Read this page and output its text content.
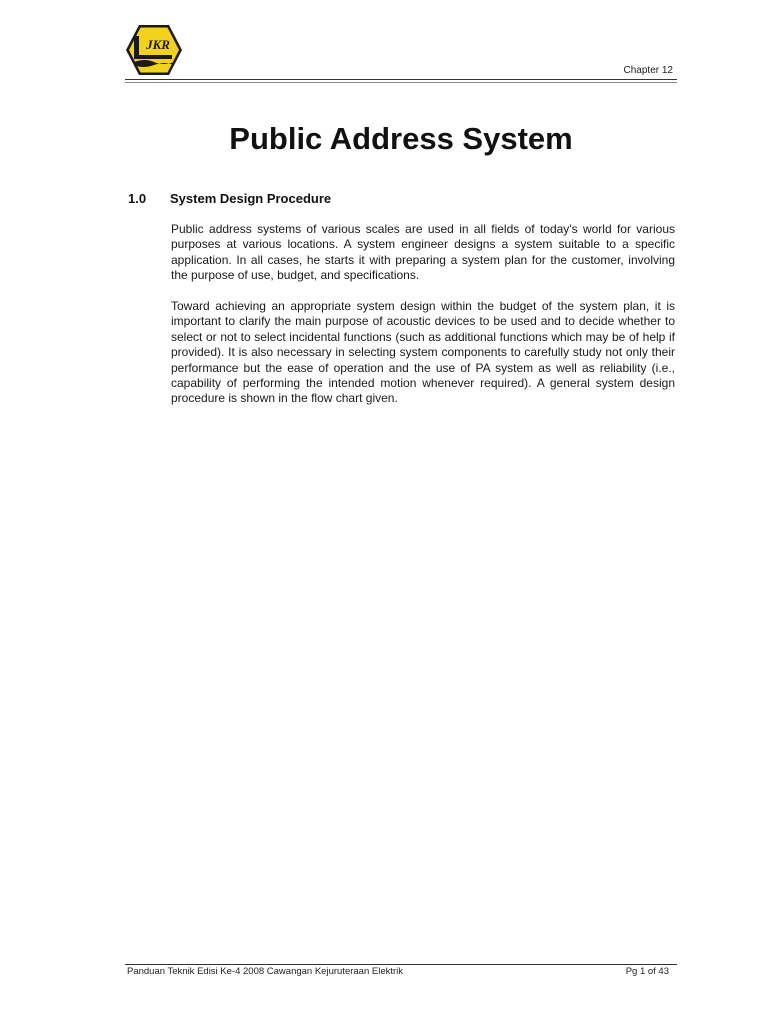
JKR
Chapter 12
Public Address System
1.0	System Design Procedure

Public address systems of various scales are used in all fields of today's world for various purposes at various locations. A system engineer designs a system suitable to a specific application. In all cases, he starts it with preparing a system plan for the customer, involving the purpose of use, budget, and specifications.

Toward achieving an appropriate system design within the budget of the system plan, it is important to clarify the main purpose of acoustic devices to be used and to decide whether to select or not to select incidental functions (such as additional functions which may be of help if provided). It is also necessary in selecting system components to carefully study not only their performance but the ease of operation and the use of PA system as well as reliability (i.e., capability of performing the intended motion whenever required). A general system design procedure is shown in the flow chart given.

Panduan Teknik Edisi Ke-4 2008 Cawangan Kejuruteraan Elektrik	Pg 1 of 43
